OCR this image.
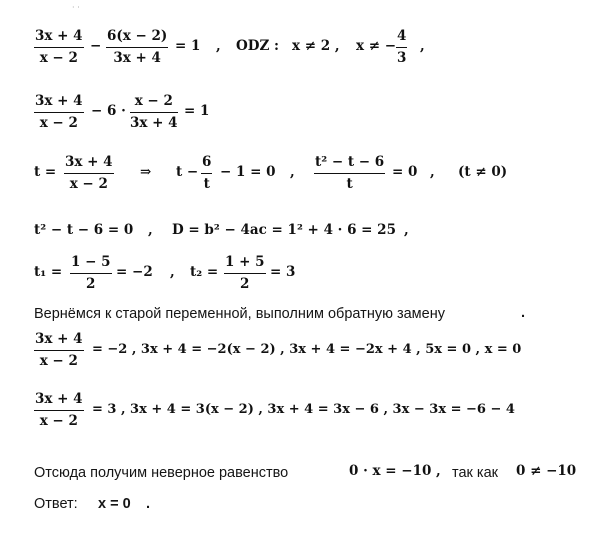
· ·
$\frac{3x + 4}{x - 2} - \frac{6(x - 2)}{3x + 4} = 1$ , ODZ : x ≠ 2 , x ≠ − $\frac{4}{3}$ ,
$\frac{3x + 4}{x - 2} - 6 \cdot \frac{x - 2}{3x + 4} = 1$
$t = \frac{3x + 4}{x - 2}$ ⇒ $t - \frac{6}{t} - 1 = 0$ , $\frac{\text{t² − t − 6}}{t} = 0$ , (t ≠ 0)
t² − t − 6 = 0 , D = b² − 4ac = 1² + 4 · 6 = 25 ,
$t_1 = \frac{1 - 5}{2} = -2$ , $t_2 = \frac{1 + 5}{2} = 3$
Вернёмся к старой переменной, выполним обратную замену	.
$\frac{3x + 4}{x - 2} = -2$ , 3x + 4 = −2(x − 2) , 3x + 4 = −2x + 4 , 5x = 0 , x = 0
$\frac{3x + 4}{x - 2} = 3$ , 3x + 4 = 3(x − 2) , 3x + 4 = 3x − 6 , 3x − 3x = −6 − 4
Отсюда получим неверное равенство	0 · x = −10 , так как 0 ≠ −10
Ответ: x = 0 .
